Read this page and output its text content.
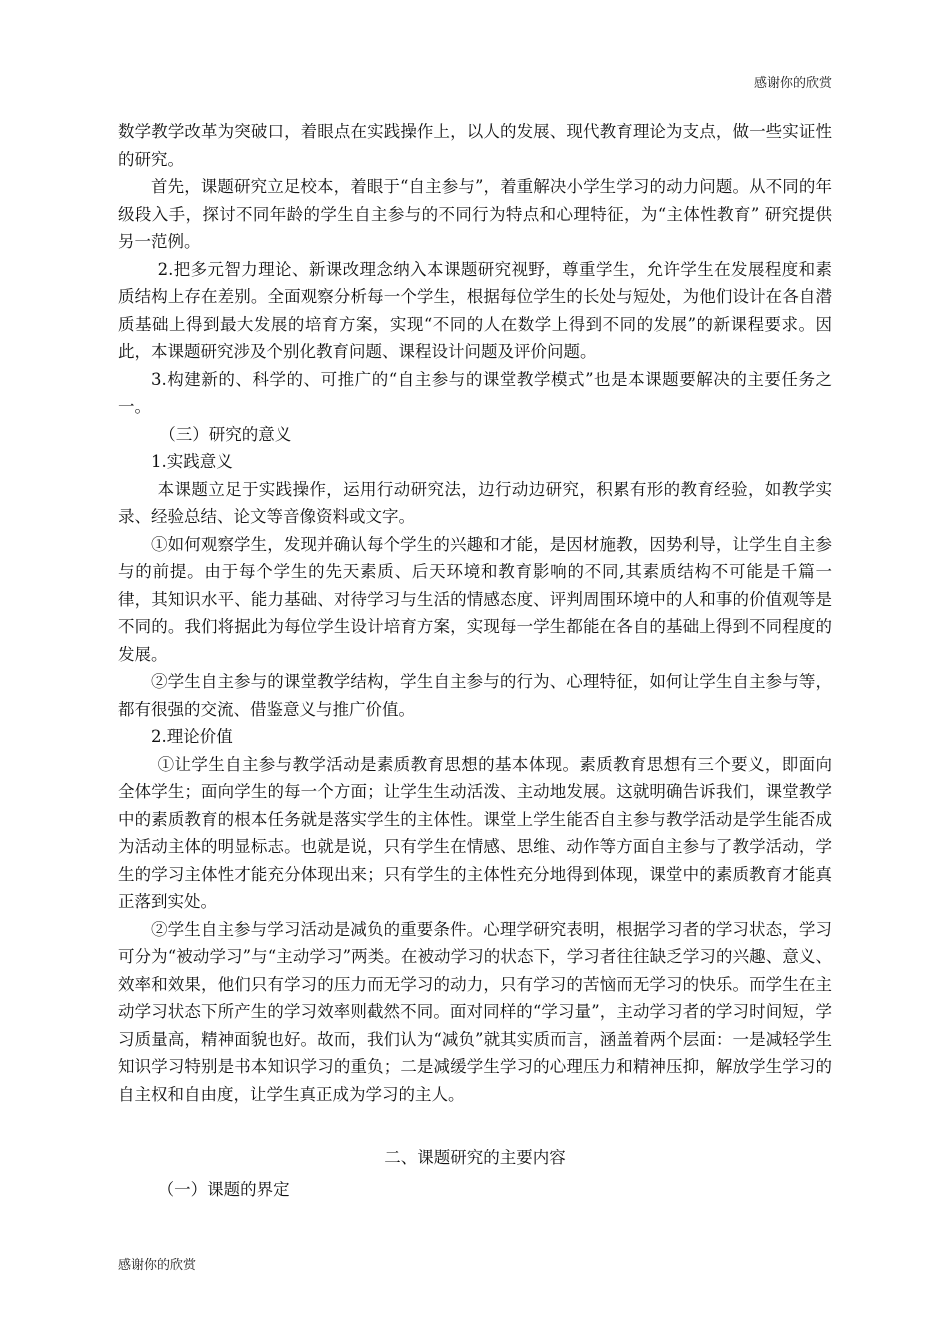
感谢你的欣赏

数学教学改革为突破口，着眼点在实践操作上，以人的发展、现代教育理论为支点，做一些实证性的研究。

首先，课题研究立足校本，着眼于“自主参与”，着重解决小学生学习的动力问题。从不同的年级段入手，探讨不同年龄的学生自主参与的不同行为特点和心理特征，为“主体性教育” 研究提供另一范例。

2.把多元智力理论、新课改理念纳入本课题研究视野，尊重学生，允许学生在发展程度和素质结构上存在差别。全面观察分析每一个学生，根据每位学生的长处与短处，为他们设计在各自潜质基础上得到最大发展的培育方案，实现“不同的人在数学上得到不同的发展”的新课程要求。因此，本课题研究涉及个别化教育问题、课程设计问题及评价问题。

3.构建新的、科学的、可推广的“自主参与的课堂教学模式”也是本课题要解决的主要任务之一。

（三）研究的意义

1.实践意义

本课题立足于实践操作，运用行动研究法，边行动边研究，积累有形的教育经验，如教学实录、经验总结、论文等音像资料或文字。

①如何观察学生，发现并确认每个学生的兴趣和才能，是因材施教，因势利导，让学生自主参与的前提。由于每个学生的先天素质、后天环境和教育影响的不同,其素质结构不可能是千篇一律，其知识水平、能力基础、对待学习与生活的情感态度、评判周围环境中的人和事的价值观等是不同的。我们将据此为每位学生设计培育方案，实现每一学生都能在各自的基础上得到不同程度的发展。

②学生自主参与的课堂教学结构，学生自主参与的行为、心理特征，如何让学生自主参与等，都有很强的交流、借鉴意义与推广价值。

2.理论价值

①让学生自主参与教学活动是素质教育思想的基本体现。素质教育思想有三个要义，即面向全体学生；面向学生的每一个方面；让学生生动活泼、主动地发展。这就明确告诉我们，课堂教学中的素质教育的根本任务就是落实学生的主体性。课堂上学生能否自主参与教学活动是学生能否成为活动主体的明显标志。也就是说，只有学生在情感、思维、动作等方面自主参与了教学活动，学生的学习主体性才能充分体现出来；只有学生的主体性充分地得到体现，课堂中的素质教育才能真正落到实处。

②学生自主参与学习活动是减负的重要条件。心理学研究表明，根据学习者的学习状态，学习可分为“被动学习”与“主动学习”两类。在被动学习的状态下，学习者往往缺乏学习的兴趣、意义、效率和效果，他们只有学习的压力而无学习的动力，只有学习的苦恼而无学习的快乐。而学生在主动学习状态下所产生的学习效率则截然不同。面对同样的“学习量”，主动学习者的学习时间短，学习质量高，精神面貌也好。故而，我们认为“减负”就其实质而言，涵盖着两个层面：一是减轻学生知识学习特别是书本知识学习的重负；二是减缓学生学习的心理压力和精神压抑，解放学生学习的自主权和自由度，让学生真正成为学习的主人。

二、课题研究的主要内容

（一）课题的界定

感谢你的欣赏
